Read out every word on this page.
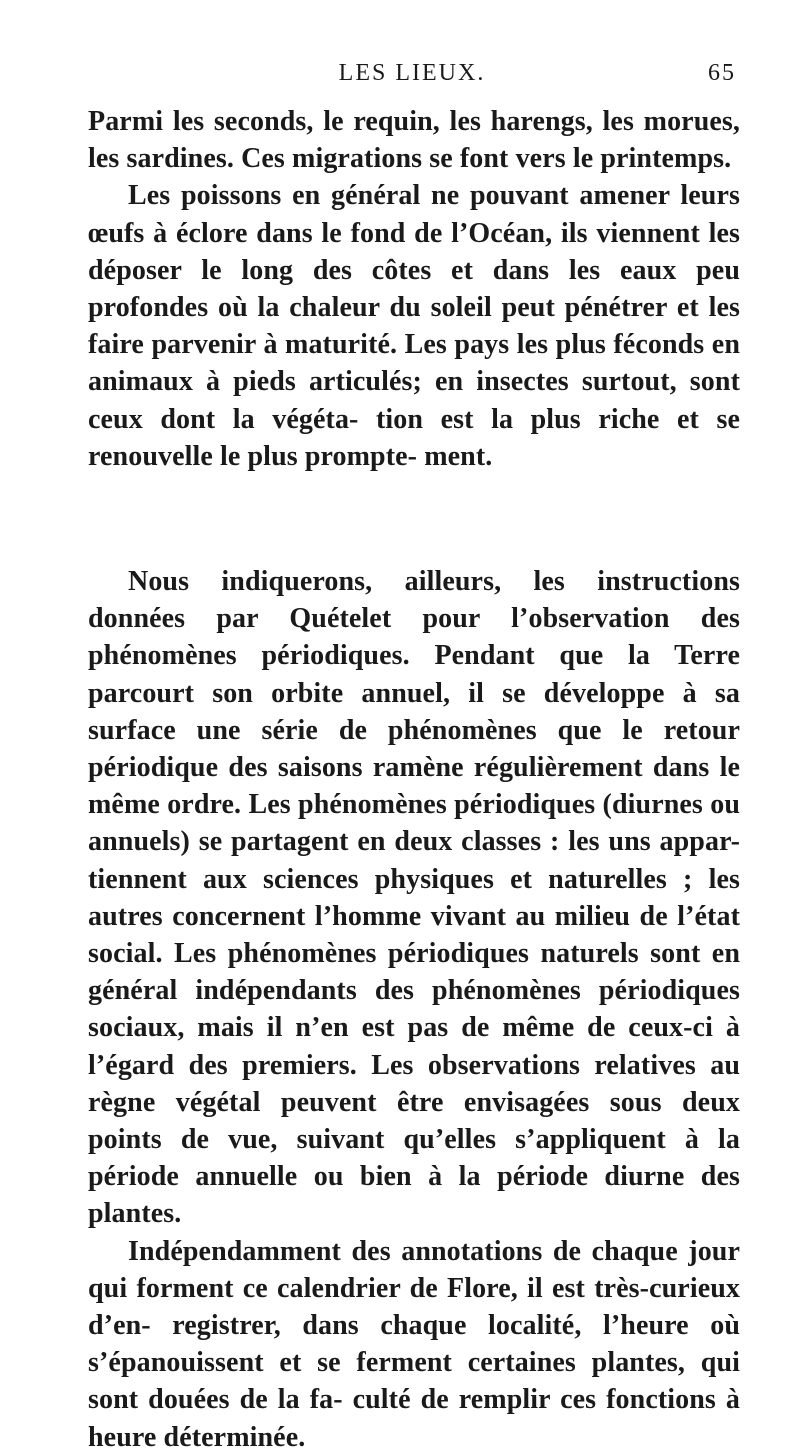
LES LIEUX.	65

Parmi les seconds, le requin, les harengs, les morues, les sardines. Ces migrations se font vers le printemps.

Les poissons en général ne pouvant amener leurs œufs à éclore dans le fond de l’Océan, ils viennent les déposer le long des côtes et dans les eaux peu profondes où la chaleur du soleil peut pénétrer et les faire parvenir à maturité. Les pays les plus féconds en animaux à pieds articulés; en insectes surtout, sont ceux dont la végéta- tion est la plus riche et se renouvelle le plus prompte- ment.

Nous indiquerons, ailleurs, les instructions données par Quételet pour l’observation des phénomènes périodiques. Pendant que la Terre parcourt son orbite annuel, il se développe à sa surface une série de phénomènes que le retour périodique des saisons ramène régulièrement dans le même ordre. Les phénomènes périodiques (diurnes ou annuels) se partagent en deux classes : les uns appar- tiennent aux sciences physiques et naturelles ; les autres concernent l’homme vivant au milieu de l’état social. Les phénomènes périodiques naturels sont en général indépendants des phénomènes périodiques sociaux, mais il n’en est pas de même de ceux-ci à l’égard des premiers. Les observations relatives au règne végétal peuvent être envisagées sous deux points de vue, suivant qu’elles s’appliquent à la période annuelle ou bien à la période diurne des plantes.

Indépendamment des annotations de chaque jour qui forment ce calendrier de Flore, il est très-curieux d’en- registrer, dans chaque localité, l’heure où s’épanouissent et se ferment certaines plantes, qui sont douées de la fa- culté de remplir ces fonctions à heure déterminée.
